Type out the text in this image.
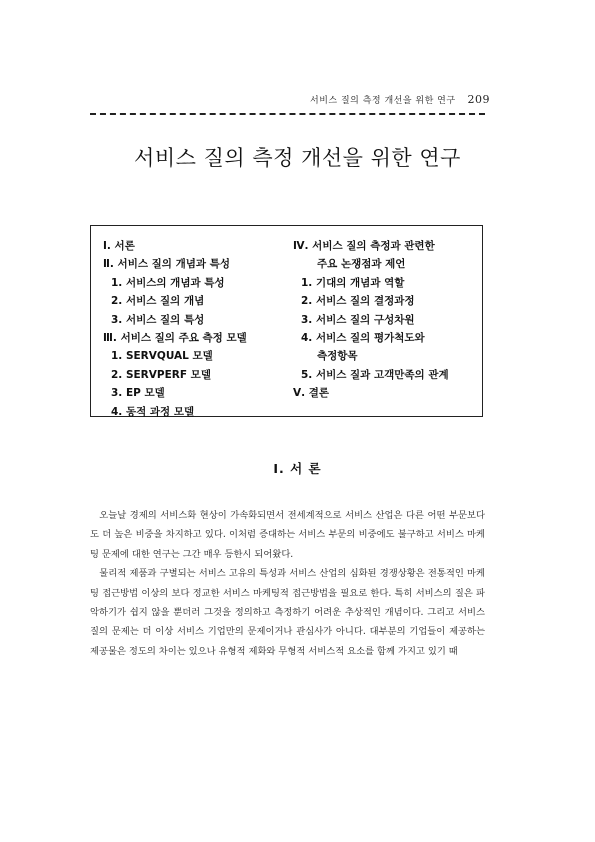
서비스 질의 측정 개선을 위한 연구 209
서비스 질의 측정 개선을 위한 연구
Ⅰ. 서론
Ⅱ. 서비스 질의 개념과 특성
1. 서비스의 개념과 특성
2. 서비스 질의 개념
3. 서비스 질의 특성
Ⅲ. 서비스 질의 주요 측정 모델
1. SERVQUAL 모델
2. SERVPERF 모델
3. EP 모델
4. 동적 과정 모델
Ⅳ. 서비스 질의 측정과 관련한
주요 논쟁점과 제언
1. 기대의 개념과 역할
2. 서비스 질의 결정과정
3. 서비스 질의 구성차원
4. 서비스 질의 평가척도와
측정항목
5. 서비스 질과 고객만족의 관계
Ⅴ. 결론
Ⅰ. 서 론

오늘날 경제의 서비스화 현상이 가속화되면서 전세계적으로 서비스 산업은 다른 어떤 부문보다도 더 높은 비중을 차지하고 있다. 이처럼 증대하는 서비스 부문의 비중에도 불구하고 서비스 마케팅 문제에 대한 연구는 그간 매우 등한시 되어왔다.

물리적 제품과 구별되는 서비스 고유의 특성과 서비스 산업의 심화된 경쟁상황은 전통적인 마케팅 접근방법 이상의 보다 정교한 서비스 마케팅적 접근방법을 필요로 한다. 특히 서비스의 질은 파악하기가 쉽지 않을 뿐더러 그것을 정의하고 측정하기 어려운 추상적인 개념이다. 그리고 서비스 질의 문제는 더 이상 서비스 기업만의 문제이거나 관심사가 아니다. 대부분의 기업들이 제공하는 제공물은 정도의 차이는 있으나 유형적 제화와 무형적 서비스적 요소를 함께 가지고 있기 때
